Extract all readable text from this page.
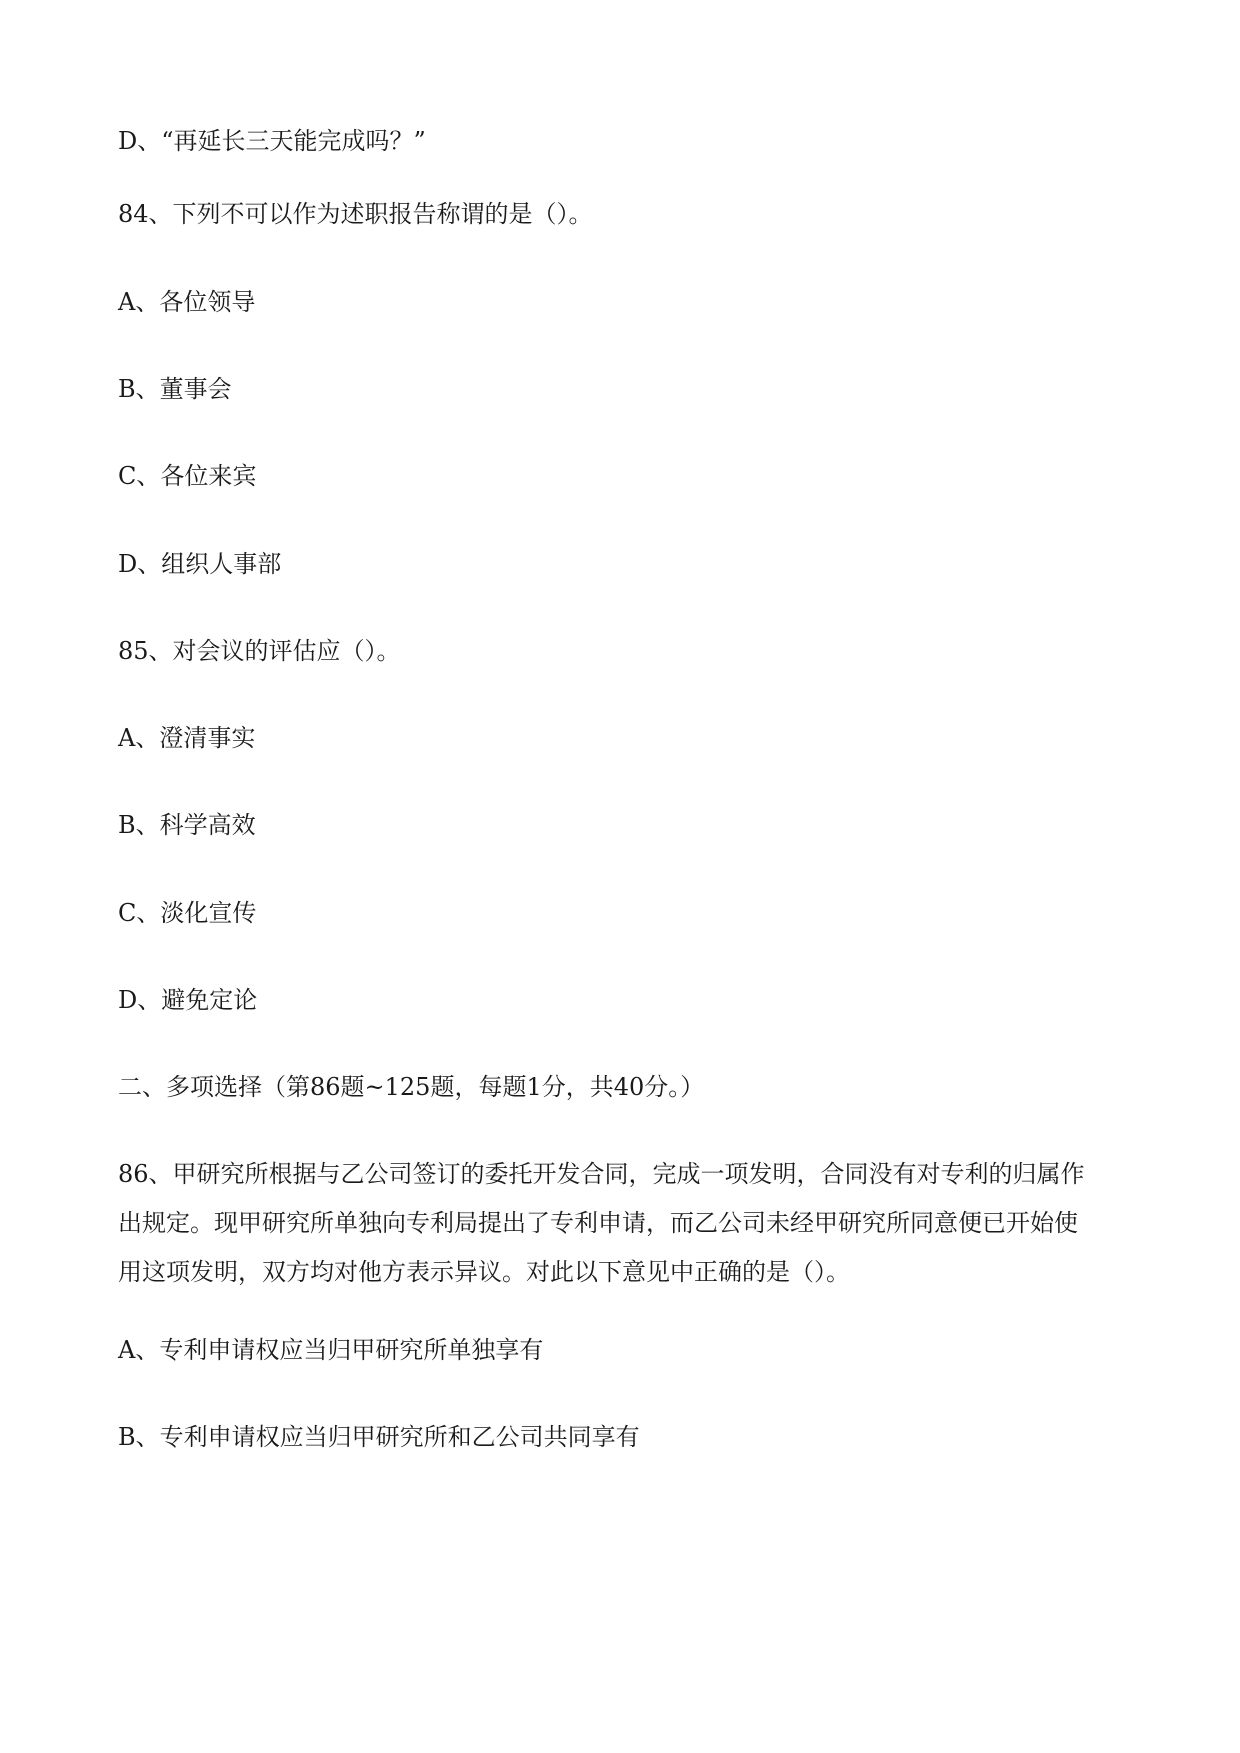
D、“再延长三天能完成吗？”
84、下列不可以作为述职报告称谓的是（）。
A、各位领导
B、董事会
C、各位来宾
D、组织人事部
85、对会议的评估应（）。
A、澄清事实
B、科学高效
C、淡化宣传
D、避免定论
二、多项选择（第86题~125题，每题1分，共40分。）
86、甲研究所根据与乙公司签订的委托开发合同，完成一项发明，合同没有对专利的归属作
出规定。现甲研究所单独向专利局提出了专利申请，而乙公司未经甲研究所同意便已开始使
用这项发明，双方均对他方表示异议。对此以下意见中正确的是（）。
A、专利申请权应当归甲研究所单独享有
B、专利申请权应当归甲研究所和乙公司共同享有
